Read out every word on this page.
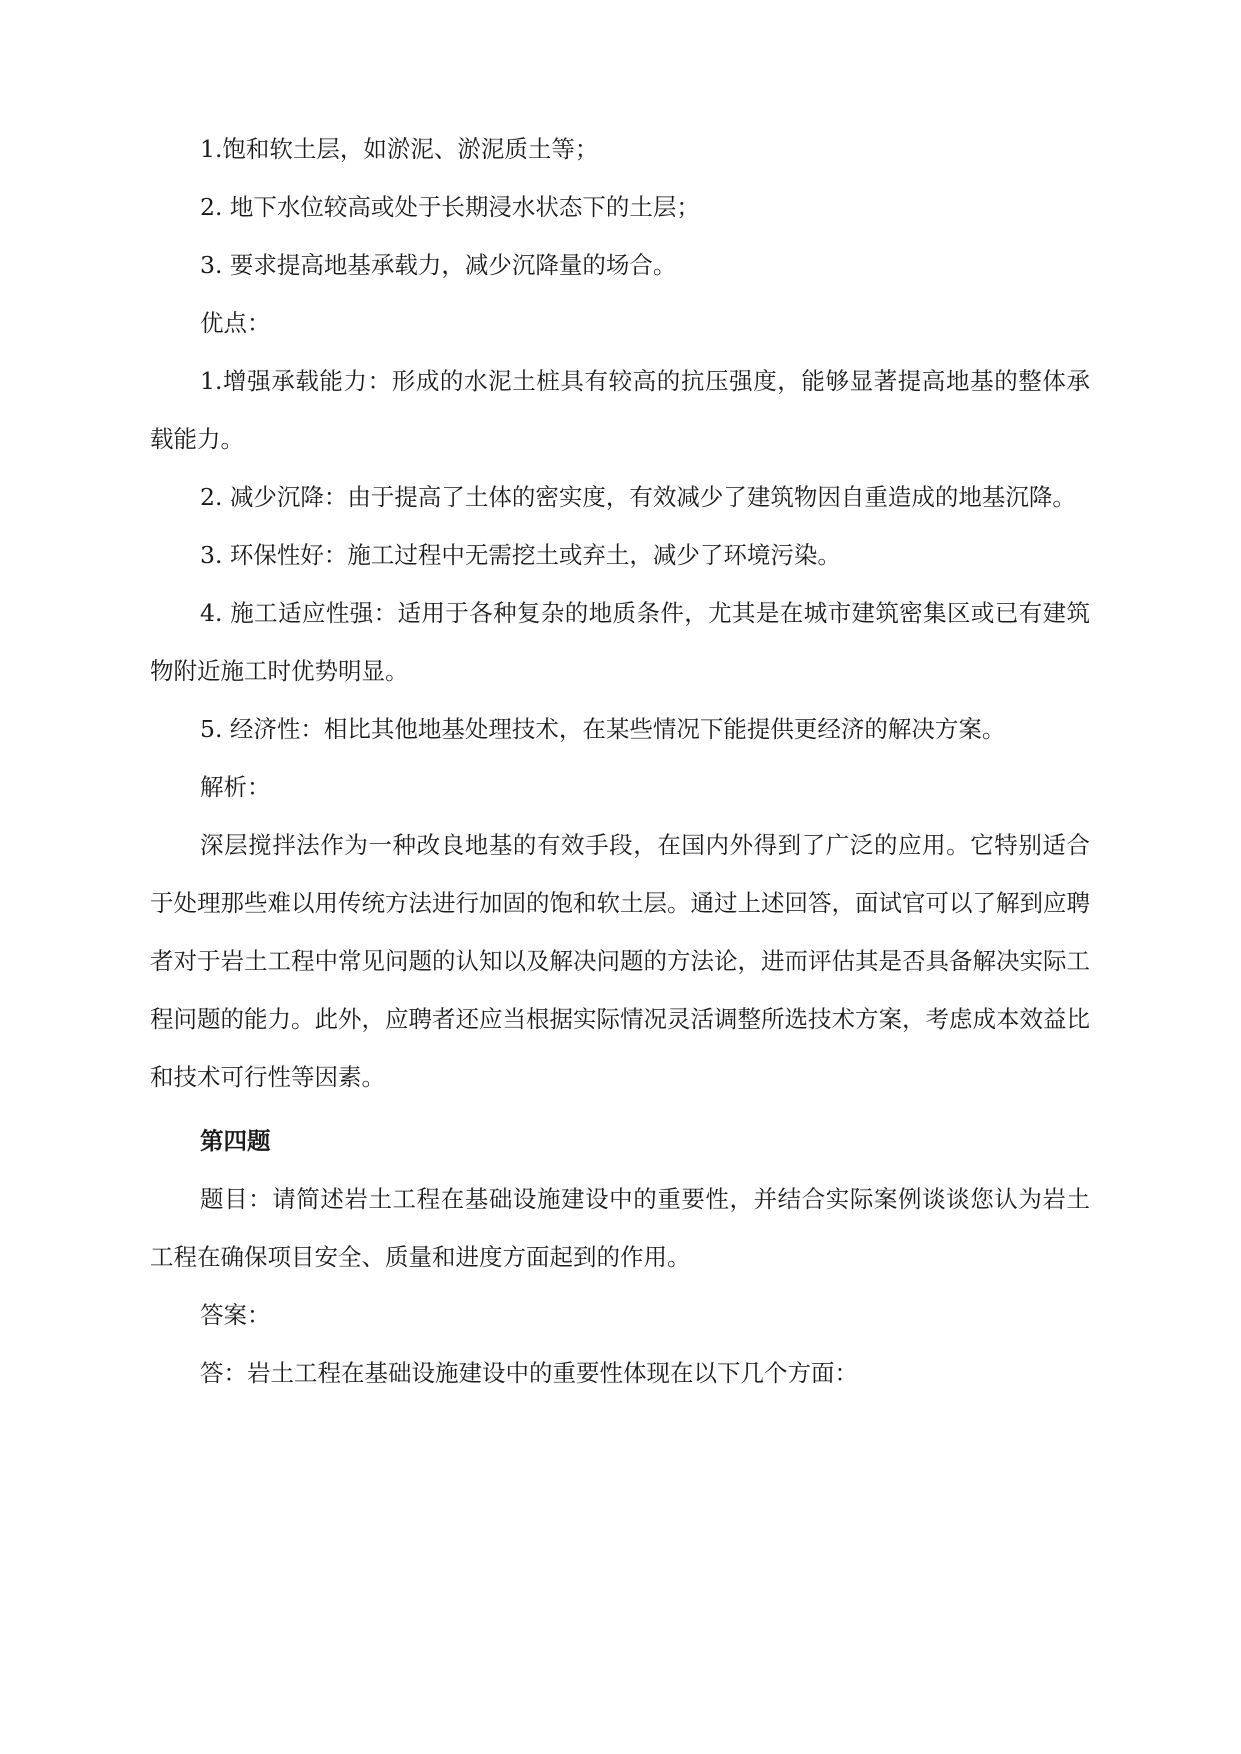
1.饱和软土层，如淤泥、淤泥质土等；

2. 地下水位较高或处于长期浸水状态下的土层；

3. 要求提高地基承载力，减少沉降量的场合。

优点：

1.增强承载能力：形成的水泥土桩具有较高的抗压强度，能够显著提高地基的整体承载能力。

2. 减少沉降：由于提高了土体的密实度，有效减少了建筑物因自重造成的地基沉降。

3. 环保性好：施工过程中无需挖土或弃土，减少了环境污染。

4. 施工适应性强：适用于各种复杂的地质条件，尤其是在城市建筑密集区或已有建筑物附近施工时优势明显。

5. 经济性：相比其他地基处理技术，在某些情况下能提供更经济的解决方案。

解析：

深层搅拌法作为一种改良地基的有效手段，在国内外得到了广泛的应用。它特别适合于处理那些难以用传统方法进行加固的饱和软土层。通过上述回答，面试官可以了解到应聘者对于岩土工程中常见问题的认知以及解决问题的方法论，进而评估其是否具备解决实际工程问题的能力。此外，应聘者还应当根据实际情况灵活调整所选技术方案，考虑成本效益比和技术可行性等因素。

第四题

题目：请简述岩土工程在基础设施建设中的重要性，并结合实际案例谈谈您认为岩土工程在确保项目安全、质量和进度方面起到的作用。

答案：

答：岩土工程在基础设施建设中的重要性体现在以下几个方面：
